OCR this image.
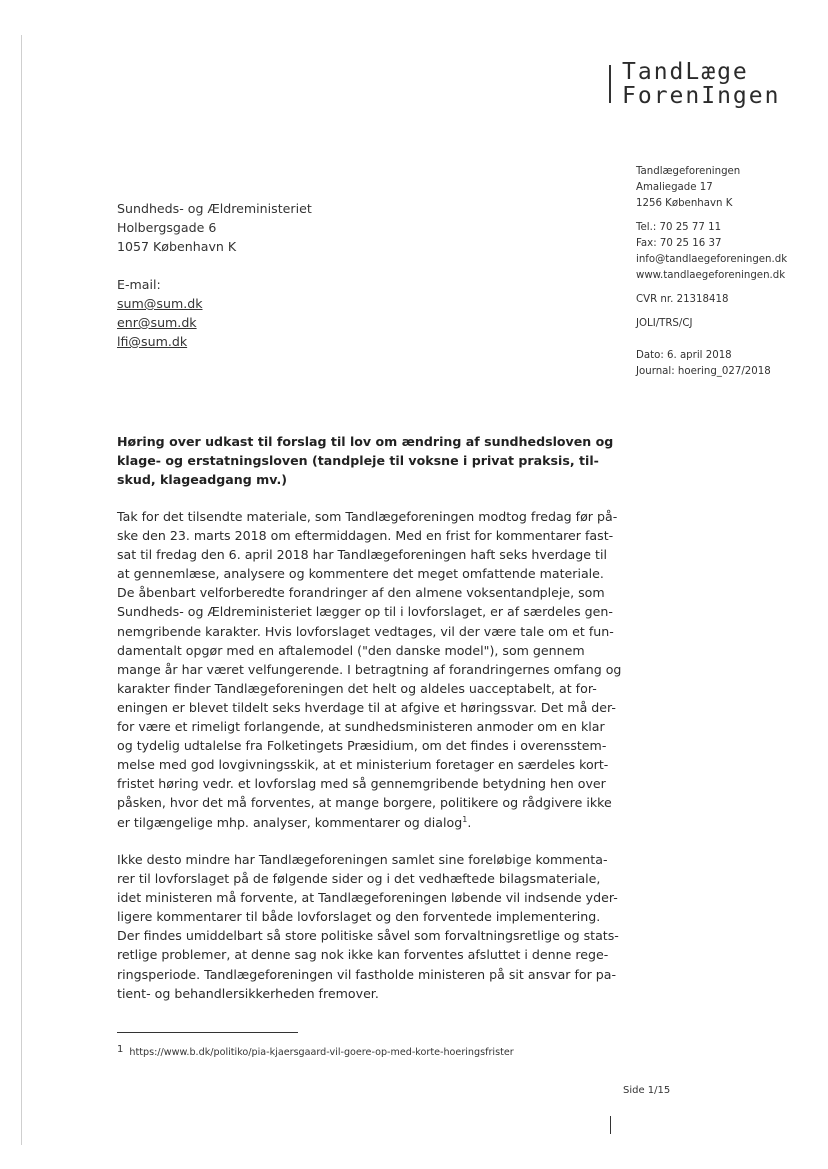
TandLæge
ForenIngen
Tandlægeforeningen
Amaliegade 17
1256 København K
Tel.: 70 25 77 11
Fax: 70 25 16 37
info@tandlaegeforeningen.dk
www.tandlaegeforeningen.dk
CVR nr. 21318418
JOLI/TRS/CJ
Dato: 6. april 2018
Journal: hoering_027/2018
Sundheds- og Ældreministeriet
Holbergsgade 6
1057 København K
E-mail:
sum@sum.dk
enr@sum.dk
lfi@sum.dk
Høring over udkast til forslag til lov om ændring af sundhedsloven og
klage- og erstatningsloven (tandpleje til voksne i privat praksis, til-
skud, klageadgang mv.)
Tak for det tilsendte materiale, som Tandlægeforeningen modtog fredag før på-
ske den 23. marts 2018 om eftermiddagen. Med en frist for kommentarer fast-
sat til fredag den 6. april 2018 har Tandlægeforeningen haft seks hverdage til
at gennemlæse, analysere og kommentere det meget omfattende materiale.
De åbenbart velforberedte forandringer af den almene voksentandpleje, som
Sundheds- og Ældreministeriet lægger op til i lovforslaget, er af særdeles gen-
nemgribende karakter. Hvis lovforslaget vedtages, vil der være tale om et fun-
damentalt opgør med en aftalemodel ("den danske model"), som gennem
mange år har været velfungerende. I betragtning af forandringernes omfang og
karakter finder Tandlægeforeningen det helt og aldeles uacceptabelt, at for-
eningen er blevet tildelt seks hverdage til at afgive et høringssvar. Det må der-
for være et rimeligt forlangende, at sundhedsministeren anmoder om en klar
og tydelig udtalelse fra Folketingets Præsidium, om det findes i overensstem-
melse med god lovgivningsskik, at et ministerium foretager en særdeles kort-
fristet høring vedr. et lovforslag med så gennemgribende betydning hen over
påsken, hvor det må forventes, at mange borgere, politikere og rådgivere ikke
er tilgængelige mhp. analyser, kommentarer og dialog$^1$.
Ikke desto mindre har Tandlægeforeningen samlet sine foreløbige kommenta-
rer til lovforslaget på de følgende sider og i det vedhæftede bilagsmateriale,
idet ministeren må forvente, at Tandlægeforeningen løbende vil indsende yder-
ligere kommentarer til både lovforslaget og den forventede implementering.
Der findes umiddelbart så store politiske såvel som forvaltningsretlige og stats-
retlige problemer, at denne sag nok ikke kan forventes afsluttet i denne rege-
ringsperiode. Tandlægeforeningen vil fastholde ministeren på sit ansvar for pa-
tient- og behandlersikkerheden fremover.
1 https://www.b.dk/politiko/pia-kjaersgaard-vil-goere-op-med-korte-hoeringsfrister
Side 1/15
